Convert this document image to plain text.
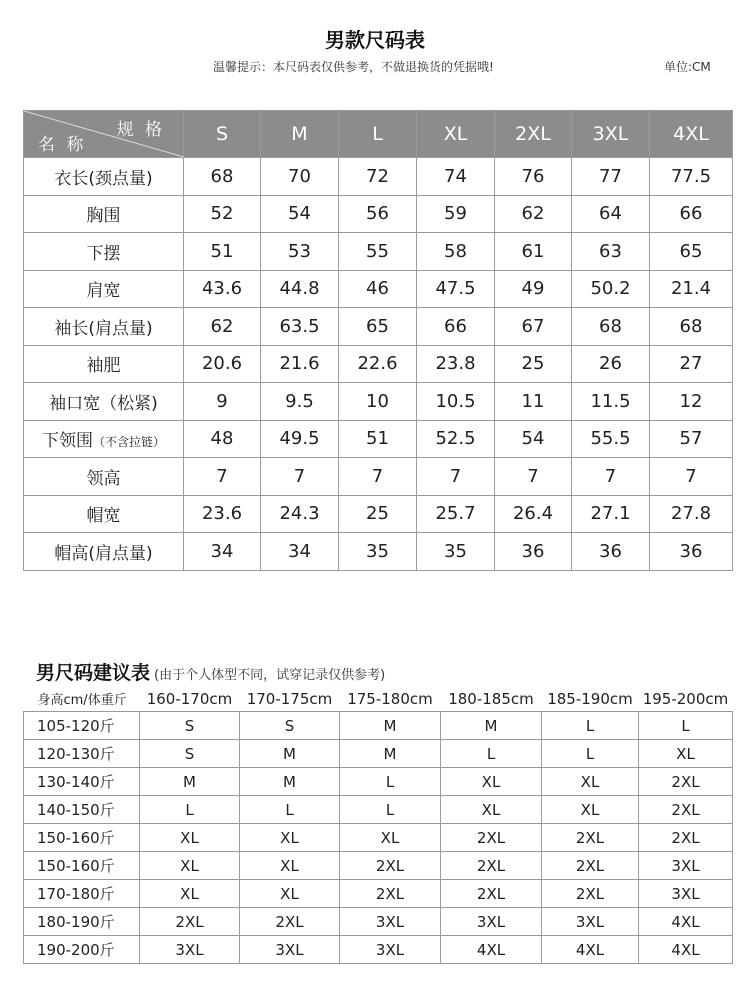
男款尺码表
温馨提示：本尺码表仅供参考，不做退换货的凭据哦!	单位:CM
规 格
名 称	S	M	L	XL	2XL	3XL	4XL
衣长(颈点量)	68	70	72	74	76	77	77.5
胸围	52	54	56	59	62	64	66
下摆	51	53	55	58	61	63	65
肩宽	43.6	44.8	46	47.5	49	50.2	21.4
袖长(肩点量)	62	63.5	65	66	67	68	68
袖肥	20.6	21.6	22.6	23.8	25	26	27
袖口宽（松紧)	9	9.5	10	10.5	11	11.5	12
下领围（不含拉链）	48	49.5	51	52.5	54	55.5	57
领高	7	7	7	7	7	7	7
帽宽	23.6	24.3	25	25.7	26.4	27.1	27.8
帽高(肩点量)	34	34	35	35	36	36	36
男尺码建议表 (由于个人体型不同，试穿记录仅供参考)
身高cm/体重斤	160-170cm	170-175cm	175-180cm	180-185cm	185-190cm	195-200cm
105-120斤	S	S	M	M	L	L
120-130斤	S	M	M	L	L	XL
130-140斤	M	M	L	XL	XL	2XL
140-150斤	L	L	L	XL	XL	2XL
150-160斤	XL	XL	XL	2XL	2XL	2XL
150-160斤	XL	XL	2XL	2XL	2XL	3XL
170-180斤	XL	XL	2XL	2XL	2XL	3XL
180-190斤	2XL	2XL	3XL	3XL	3XL	4XL
190-200斤	3XL	3XL	3XL	4XL	4XL	4XL
